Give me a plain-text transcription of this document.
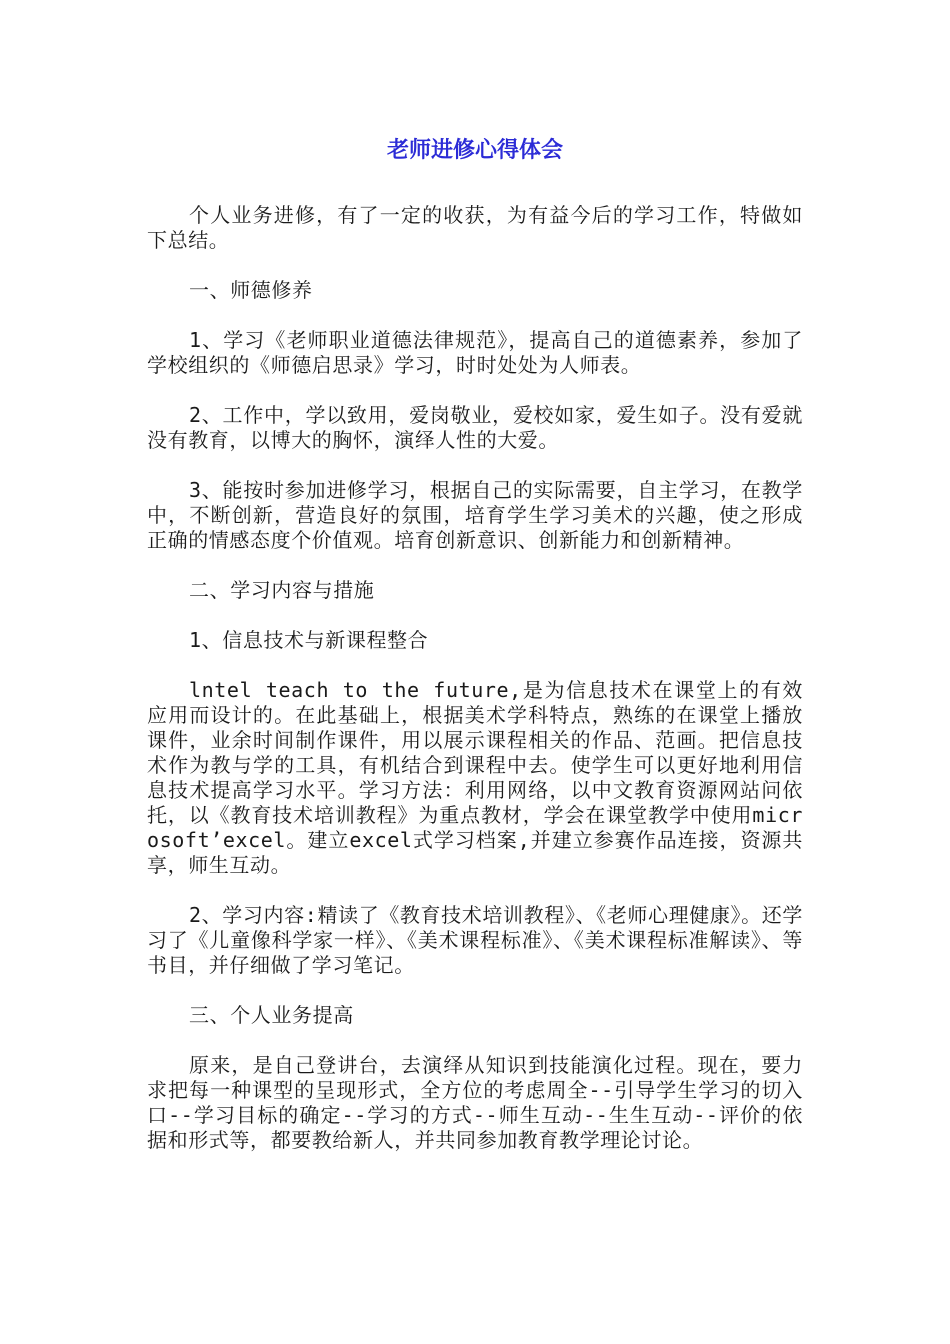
老师进修心得体会

个人业务进修，有了一定的收获，为有益今后的学习工作，特做如下总结。

一、师德修养

1、学习《老师职业道德法律规范》，提高自己的道德素养，参加了学校组织的《师德启思录》学习，时时处处为人师表。

2、工作中，学以致用，爱岗敬业，爱校如家，爱生如子。没有爱就没有教育，以博大的胸怀，演绎人性的大爱。

3、能按时参加进修学习，根据自己的实际需要，自主学习，在教学中，不断创新，营造良好的氛围，培育学生学习美术的兴趣，使之形成正确的情感态度个价值观。培育创新意识、创新能力和创新精神。

二、学习内容与措施

1、信息技术与新课程整合

lntel teach to the future,是为信息技术在课堂上的有效应用而设计的。在此基础上，根据美术学科特点，熟练的在课堂上播放课件，业余时间制作课件，用以展示课程相关的作品、范画。把信息技术作为教与学的工具，有机结合到课程中去。使学生可以更好地利用信息技术提高学习水平。学习方法：利用网络，以中文教育资源网站问依托，以《教育技术培训教程》为重点教材，学会在课堂教学中使用microsoft’excel。建立excel式学习档案,并建立参赛作品连接，资源共享，师生互动。

2、学习内容:精读了《教育技术培训教程》、《老师心理健康》。还学习了《儿童像科学家一样》、《美术课程标准》、《美术课程标准解读》、等书目，并仔细做了学习笔记。

三、个人业务提高

原来，是自己登讲台，去演绎从知识到技能演化过程。现在，要力求把每一种课型的呈现形式，全方位的考虑周全--引导学生学习的切入口--学习目标的确定--学习的方式--师生互动--生生互动--评价的依据和形式等，都要教给新人，并共同参加教育教学理论讨论。
